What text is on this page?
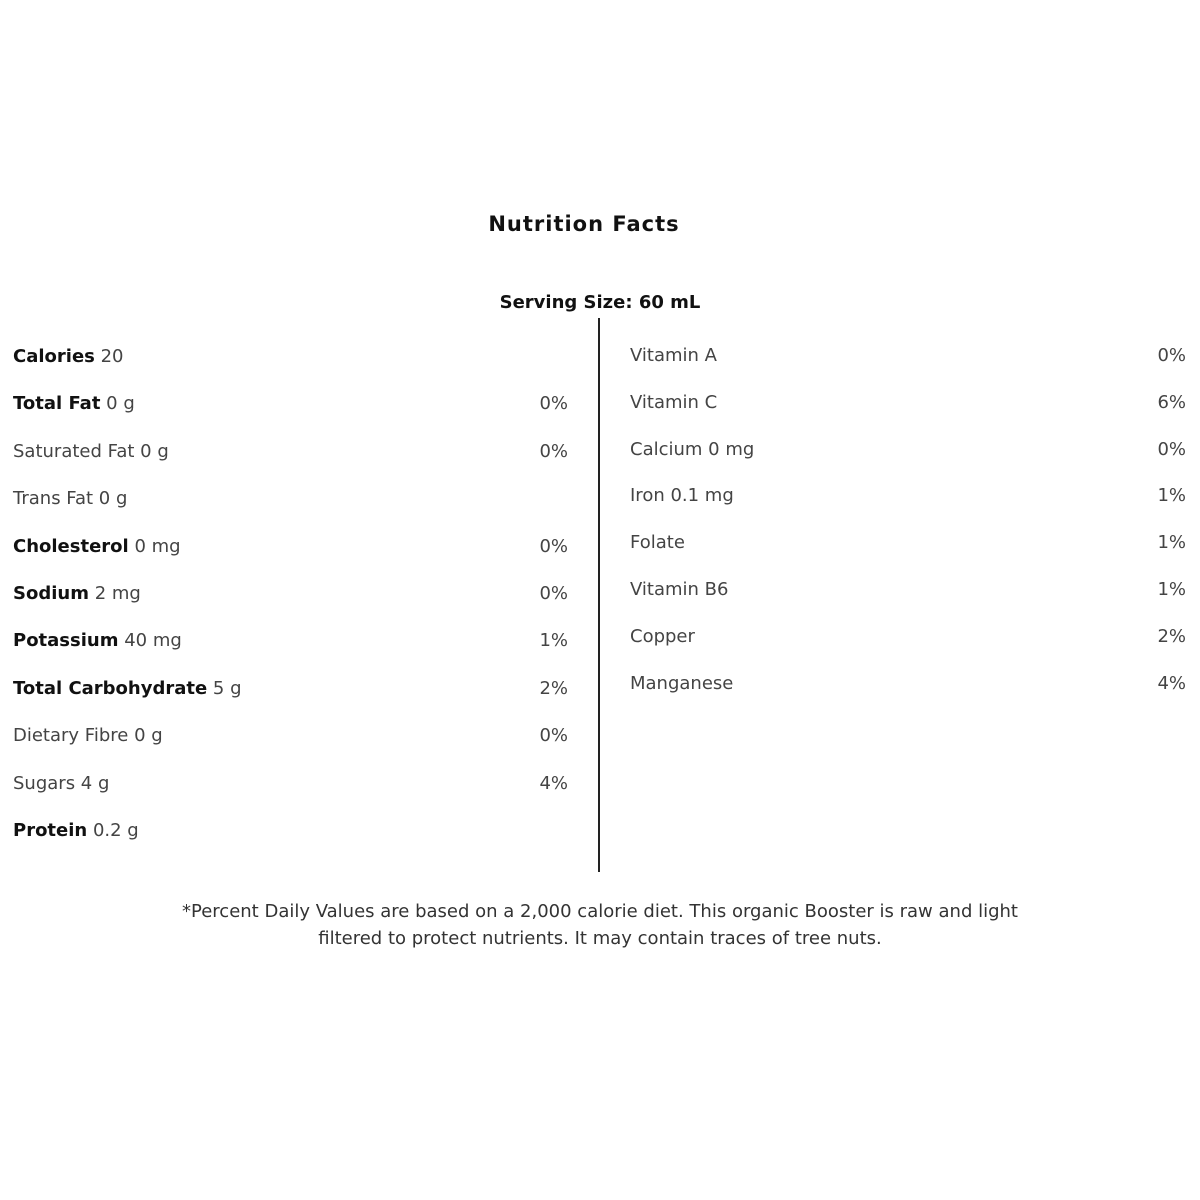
Nutrition Facts
Serving Size: 60 mL
Calories 20
Total Fat 0 g	0%
Saturated Fat 0 g	0%
Trans Fat 0 g
Cholesterol 0 mg	0%
Sodium 2 mg	0%
Potassium 40 mg	1%
Total Carbohydrate 5 g	2%
Dietary Fibre 0 g	0%
Sugars 4 g	4%
Protein 0.2 g
Vitamin A	0%
Vitamin C	6%
Calcium 0 mg	0%
Iron 0.1 mg	1%
Folate	1%
Vitamin B6	1%
Copper	2%
Manganese	4%
*Percent Daily Values are based on a 2,000 calorie diet. This organic Booster is raw and light
filtered to protect nutrients. It may contain traces of tree nuts.
